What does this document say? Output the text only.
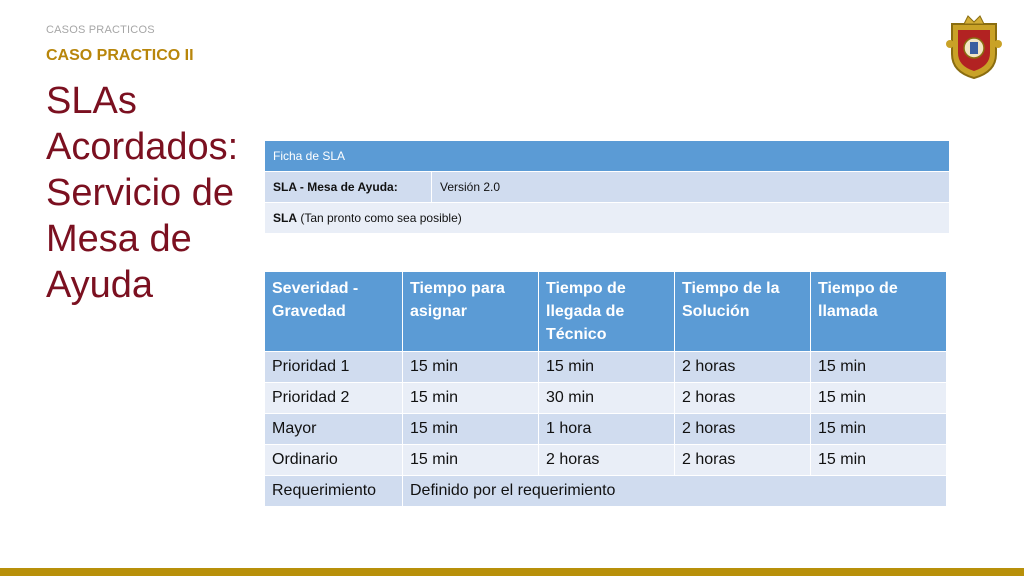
CASOS PRACTICOS
CASO PRACTICO II
SLAs Acordados: Servicio de Mesa de Ayuda
Ficha de SLA
SLA - Mesa de Ayuda:	Versión 2.0
SLA (Tan pronto como sea posible)
Severidad - Gravedad	Tiempo para asignar	Tiempo de llegada de Técnico	Tiempo de la Solución	Tiempo de llamada
Prioridad 1	15 min	15 min	2 horas	15 min
Prioridad 2	15 min	30 min	2 horas	15 min
Mayor	15 min	1 hora	2 horas	15 min
Ordinario	15 min	2 horas	2 horas	15 min
Requerimiento	Definido por el requerimiento			
